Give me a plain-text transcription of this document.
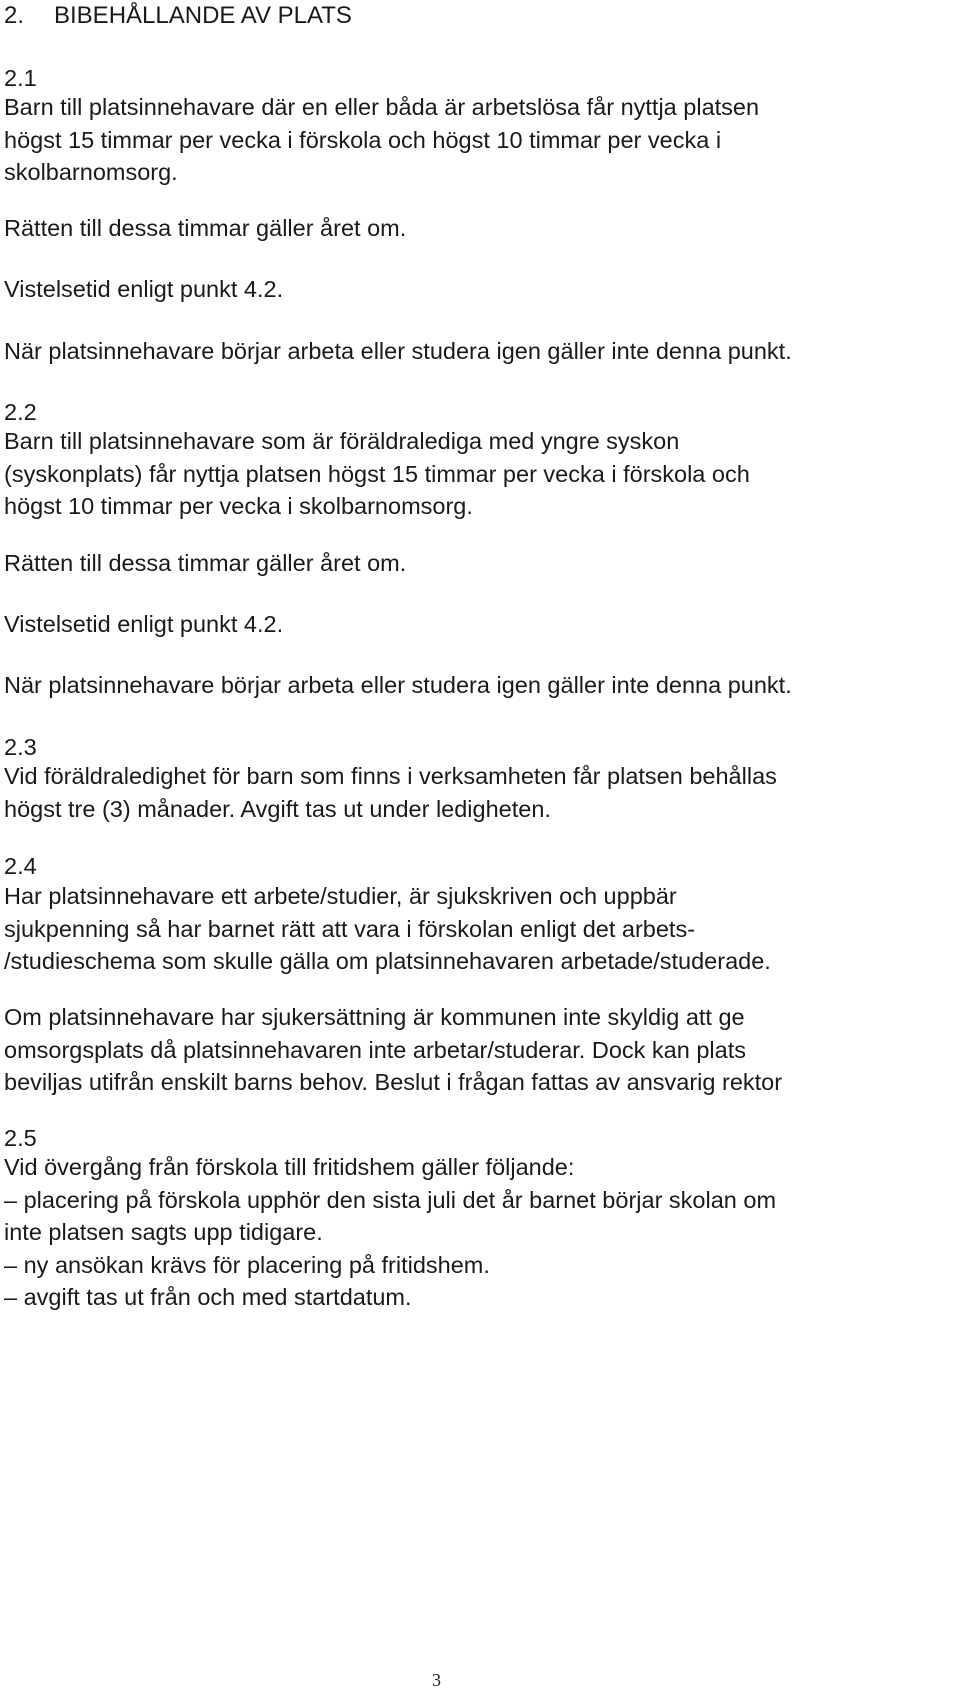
2. BIBEHÅLLANDE AV PLATS
2.1
Barn till platsinnehavare där en eller båda är arbetslösa får nyttja platsen
högst 15 timmar per vecka i förskola och högst 10 timmar per vecka i
skolbarnomsorg.
Rätten till dessa timmar gäller året om.
Vistelsetid enligt punkt 4.2.
När platsinnehavare börjar arbeta eller studera igen gäller inte denna punkt.
2.2
Barn till platsinnehavare som är föräldralediga med yngre syskon
(syskonplats) får nyttja platsen högst 15 timmar per vecka i förskola och
högst 10 timmar per vecka i skolbarnomsorg.
Rätten till dessa timmar gäller året om.
Vistelsetid enligt punkt 4.2.
När platsinnehavare börjar arbeta eller studera igen gäller inte denna punkt.
2.3
Vid föräldraledighet för barn som finns i verksamheten får platsen behållas
högst tre (3) månader. Avgift tas ut under ledigheten.
2.4
Har platsinnehavare ett arbete/studier, är sjukskriven och uppbär
sjukpenning så har barnet rätt att vara i förskolan enligt det arbets-
/studieschema som skulle gälla om platsinnehavaren arbetade/studerade.
Om platsinnehavare har sjukersättning är kommunen inte skyldig att ge
omsorgsplats då platsinnehavaren inte arbetar/studerar. Dock kan plats
beviljas utifrån enskilt barns behov. Beslut i frågan fattas av ansvarig rektor
2.5
Vid övergång från förskola till fritidshem gäller följande:
– placering på förskola upphör den sista juli det år barnet börjar skolan om
inte platsen sagts upp tidigare.
– ny ansökan krävs för placering på fritidshem.
– avgift tas ut från och med startdatum.
3
